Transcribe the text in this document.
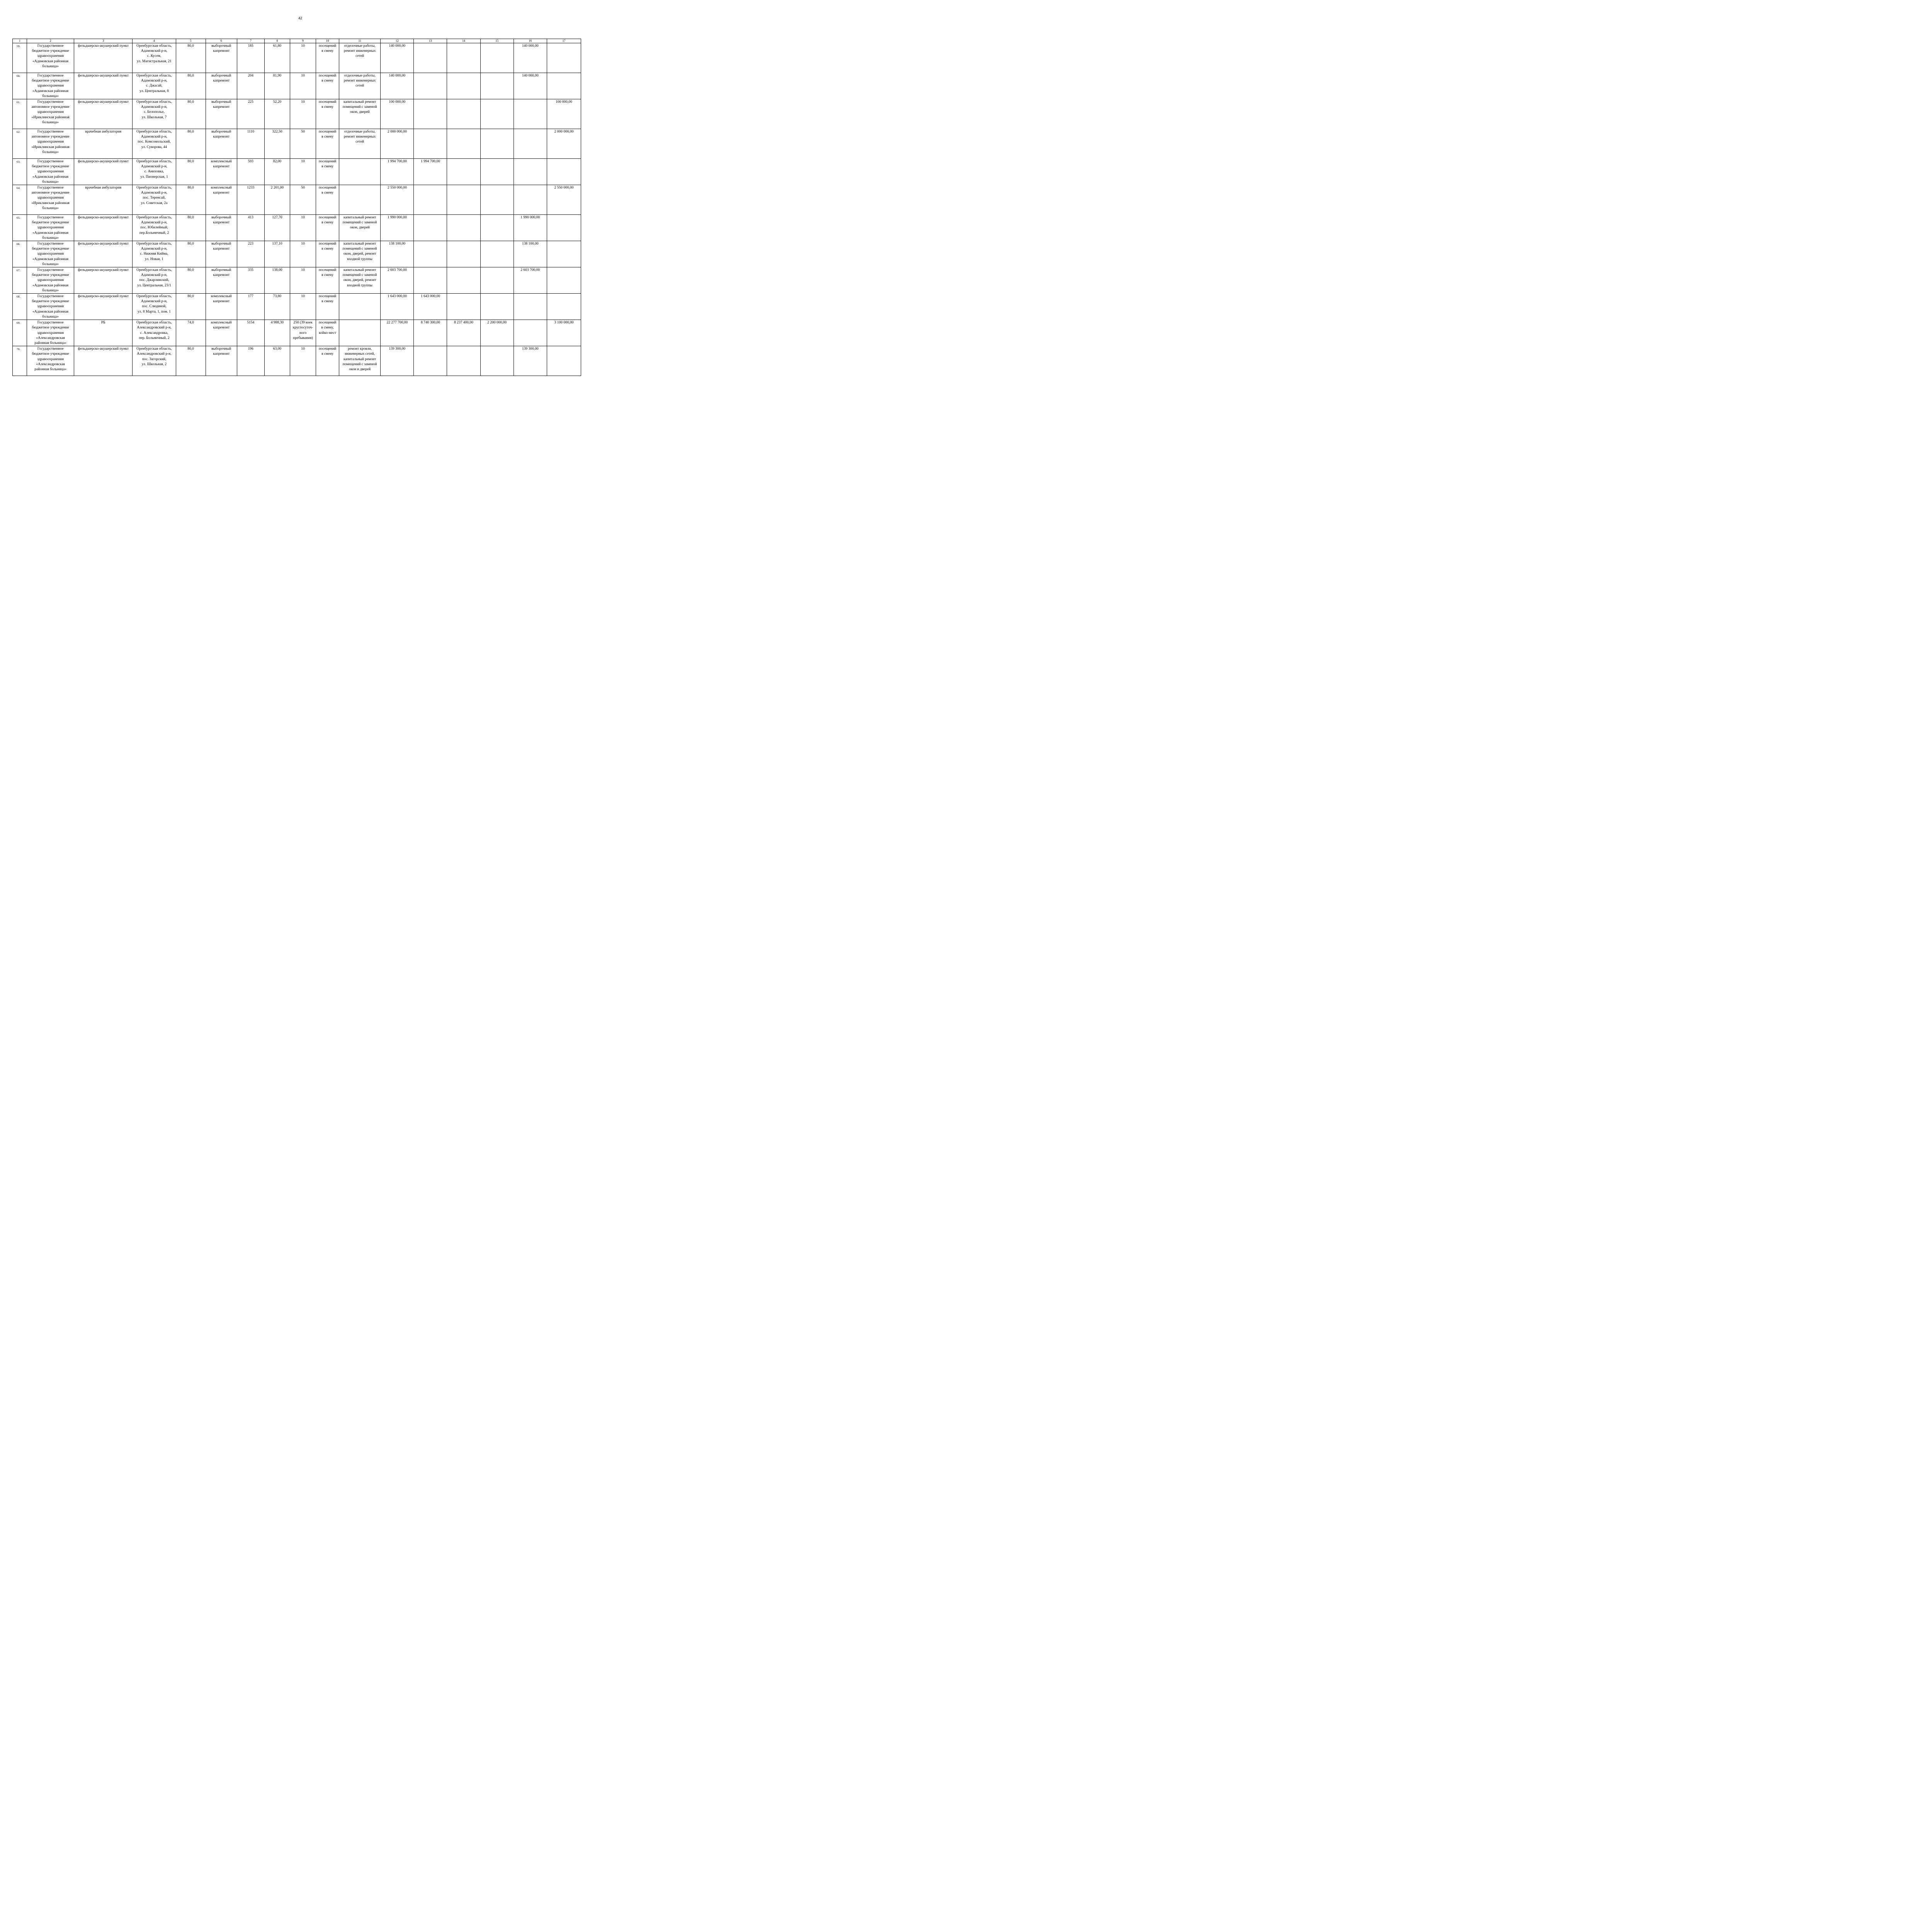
42
1	2	3	4	5	6	7	8	9	10	11	12	13	14	15	16	17
59.	Государственное
бюджетное учреждение
здравоохранения
«Адамовская районная
больница»	фельдшерско-акушерский пункт	Оренбургская область,
Адамовский р-н,
с. Кусем,
ул. Магистральная, 21	80,0	выборочный
капремонт	185	61,80	10	посещений
в смену	отделочные работы,
ремонт инженерных
сетей	140 000,00				140 000,00	
60.	Государственное
бюджетное учреждение
здравоохранения
«Адамовская районная
больница»	фельдшерско-акушерский пункт	Оренбургская область,
Адамовский р-н,
с. Джасай,
ул. Центральная, 8	80,0	выборочный
капремонт	204	81,90	10	посещений
в смену	отделочные работы,
ремонт инженерных
сетей	140 000,00				140 000,00	
61.	Государственное
автономное учреждение
здравоохранения
«Ириклинская районная
больница»	фельдшерско-акушерский пункт	Оренбургская область,
Адамовский р-н,
с. Белополье,
ул. Школьная, 7	80,0	выборочный
капремонт	225	52,20	10	посещений
в смену	капитальный ремонт
помещений с заменой
окон, дверей	100 000,00					100 000,00
62.	Государственное
автономное учреждение
здравоохранения
«Ириклинская районная
больница»	врачебная амбулатория	Оренбургская область,
Адамовский р-н,
пос. Комсомольский,
ул. Суворова, 44	80,0	выборочный
капремонт	1110	322,50	50	посещений
в смену	отделочные работы,
ремонт инженерных
сетей	2 000 000,00					2 000 000,00
63.	Государственное
бюджетное учреждение
здравоохранения
«Адамовская районная
больница»	фельдшерско-акушерский пункт	Оренбургская область,
Адамовский р-н,
с. Аниховка,
ул. Пионерская, 1	80,0	комплексный
капремонт	593	82,00	10	посещений
в смену		1 994 700,00	1 994 700,00				
64.	Государственное
автономное учреждение
здравоохранения
«Ириклинская районная
больница»	врачебная амбулатория	Оренбургская область,
Адамовский р-н,
пос. Теренсай,
ул. Советская, 2а	80,0	комплексный
капремонт	1233	2 201,00	50	посещений
в смену		2 550 000,00					2 550 000,00
65.	Государственное
бюджетное учреждение
здравоохранения
«Адамовская районная
больница»	фельдшерско-акушерский пункт	Оренбургская область,
Адамовский р-н,
пос. Юбилейный,
пер.Больничный, 2	80,0	выборочный
капремонт	413	127,70	10	посещений
в смену	капитальный ремонт
помещений с заменой
окон, дверей	1 990 000,00				1 990 000,00	
66.	Государственное
бюджетное учреждение
здравоохранения
«Адамовская районная
больница»	фельдшерско-акушерский пункт	Оренбургская область,
Адамовский р-н,
с. Нижняя Кийма,
ул. Новая, 1	80,0	выборочный
капремонт	223	137,10	10	посещений
в смену	капитальный ремонт
помещений с заменой
окон, дверей, ремонт
входной группы	138 100,00				138 100,00	
67.	Государственное
бюджетное учреждение
здравоохранения
«Адамовская районная
больница»	фельдшерско-акушерский пункт	Оренбургская область,
Адамовский р-н,
пос. Джарлинский,
ул. Центральная, 23/1	80,0	выборочный
капремонт	335	138,00	10	посещений
в смену	капитальный ремонт
помещений с заменой
окон, дверей, ремонт
входной группы	2 603 700,00				2 603 700,00	
68.	Государственное
бюджетное учреждение
здравоохранения
«Адамовская районная
больница»	фельдшерско-акушерский пункт	Оренбургская область,
Адамовский р-н,
пос. Слюдяной,
ул. 8 Марта, 1, пом. 1	80,0	комплексный
капремонт	177	73,80	10	посещений
в смену		1 643 000,00	1 643 000,00				
69.	Государственное
бюджетное учреждение
здравоохранения
«Александровская
районная больница»	РБ	Оренбургская область,
Александровский р-н,
с. Александровка,
пер. Больничный, 2	74,0	комплексный
капремонт	5154	4 988,30	250 (39 коек
круглосуточ-
ного
пребывания)	посещений
в смену,
койко-мест		22 277 700,00	8 740 300,00	8 237 400,00	2 200 000,00		3 100 000,00
70.	Государственное
бюджетное учреждение
здравоохранения
«Александровская
районная больница»	фельдшерско-акушерский пункт	Оренбургская область,
Александровский р-н,
пос. Загорский,
ул. Школьная, 2	80,0	выборочный
капремонт	196	63,00	10	посещений
в смену	ремонт кровли,
инженерных сетей,
капитальный ремонт
помещений с заменой
окон и дверей	139 300,00				139 300,00	
